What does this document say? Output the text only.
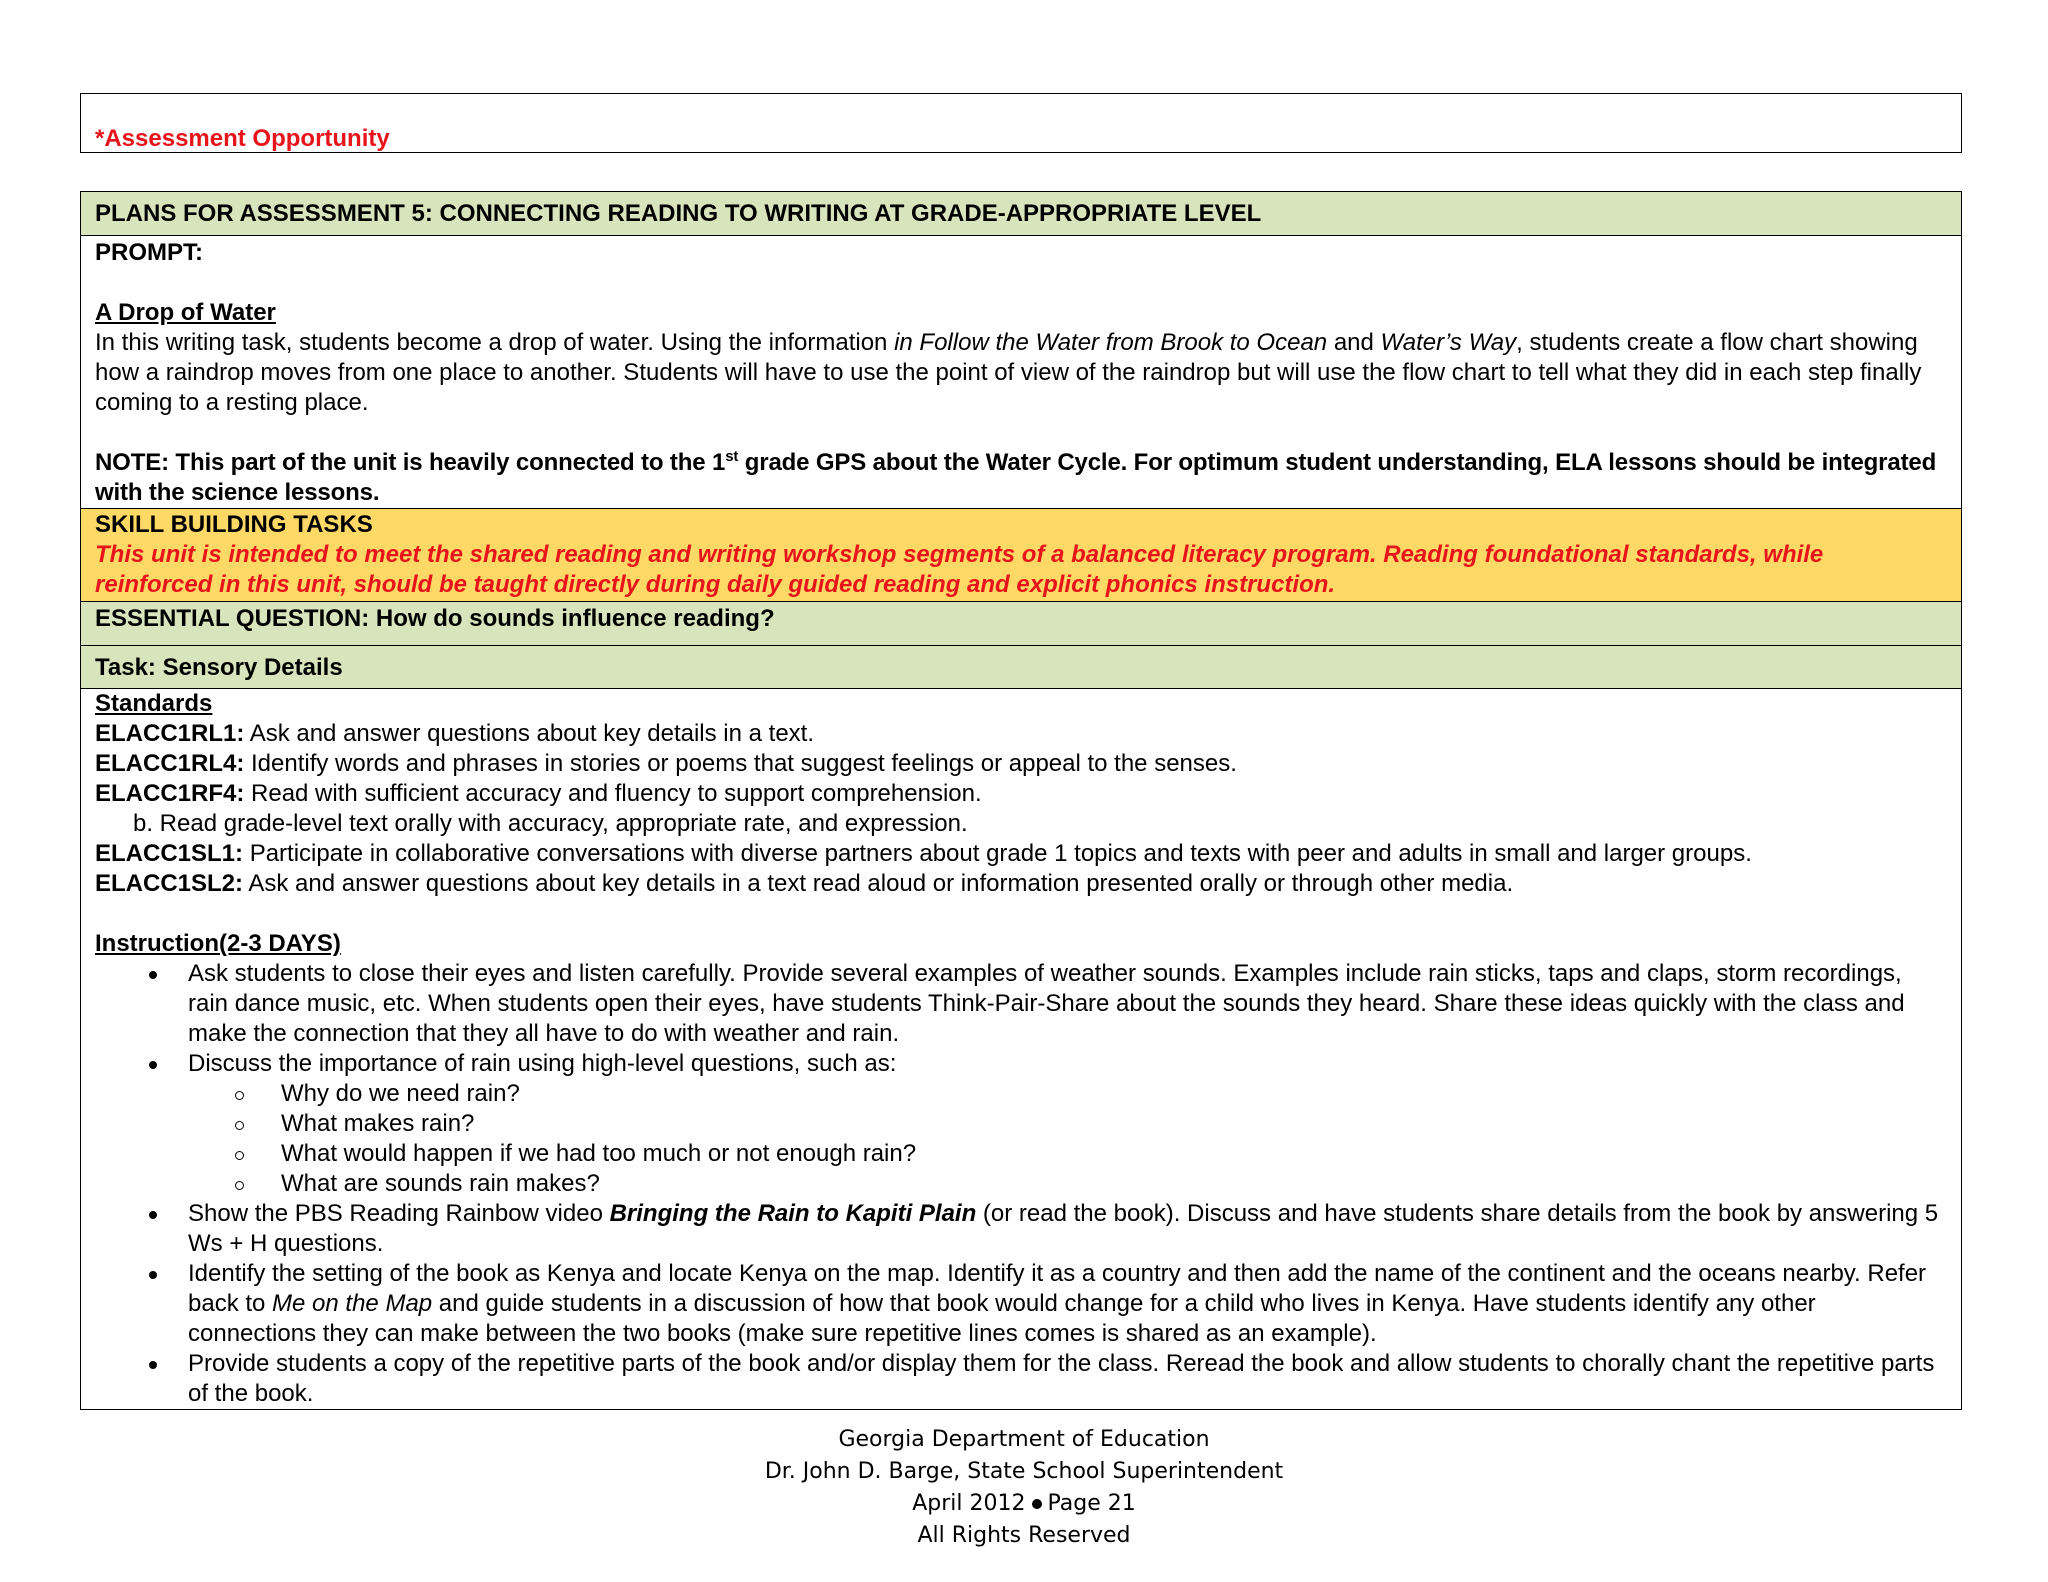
*Assessment Opportunity
PLANS FOR ASSESSMENT 5: CONNECTING READING TO WRITING AT GRADE-APPROPRIATE LEVEL
PROMPT:
A Drop of Water
In this writing task, students become a drop of water. Using the information in Follow the Water from Brook to Ocean and Water’s Way, students create a flow chart showing how a raindrop moves from one place to another. Students will have to use the point of view of the raindrop but will use the flow chart to tell what they did in each step finally coming to a resting place.
NOTE: This part of the unit is heavily connected to the 1st grade GPS about the Water Cycle. For optimum student understanding, ELA lessons should be integrated with the science lessons.
SKILL BUILDING TASKS
This unit is intended to meet the shared reading and writing workshop segments of a balanced literacy program. Reading foundational standards, while reinforced in this unit, should be taught directly during daily guided reading and explicit phonics instruction.
ESSENTIAL QUESTION: How do sounds influence reading?
Task: Sensory Details
Standards
ELACC1RL1: Ask and answer questions about key details in a text.
ELACC1RL4: Identify words and phrases in stories or poems that suggest feelings or appeal to the senses.
ELACC1RF4: Read with sufficient accuracy and fluency to support comprehension.
b. Read grade-level text orally with accuracy, appropriate rate, and expression.
ELACC1SL1: Participate in collaborative conversations with diverse partners about grade 1 topics and texts with peer and adults in small and larger groups.
ELACC1SL2: Ask and answer questions about key details in a text read aloud or information presented orally or through other media.
Instruction(2-3 DAYS)
Ask students to close their eyes and listen carefully. Provide several examples of weather sounds. Examples include rain sticks, taps and claps, storm recordings, rain dance music, etc. When students open their eyes, have students Think-Pair-Share about the sounds they heard. Share these ideas quickly with the class and make the connection that they all have to do with weather and rain.
Discuss the importance of rain using high-level questions, such as:
Why do we need rain?
What makes rain?
What would happen if we had too much or not enough rain?
What are sounds rain makes?
Show the PBS Reading Rainbow video Bringing the Rain to Kapiti Plain (or read the book). Discuss and have students share details from the book by answering 5 Ws + H questions.
Identify the setting of the book as Kenya and locate Kenya on the map. Identify it as a country and then add the name of the continent and the oceans nearby. Refer back to Me on the Map and guide students in a discussion of how that book would change for a child who lives in Kenya. Have students identify any other connections they can make between the two books (make sure repetitive lines comes is shared as an example).
Provide students a copy of the repetitive parts of the book and/or display them for the class. Reread the book and allow students to chorally chant the repetitive parts of the book.
Georgia Department of Education
Dr. John D. Barge, State School Superintendent
April 2012 Page 21
All Rights Reserved
